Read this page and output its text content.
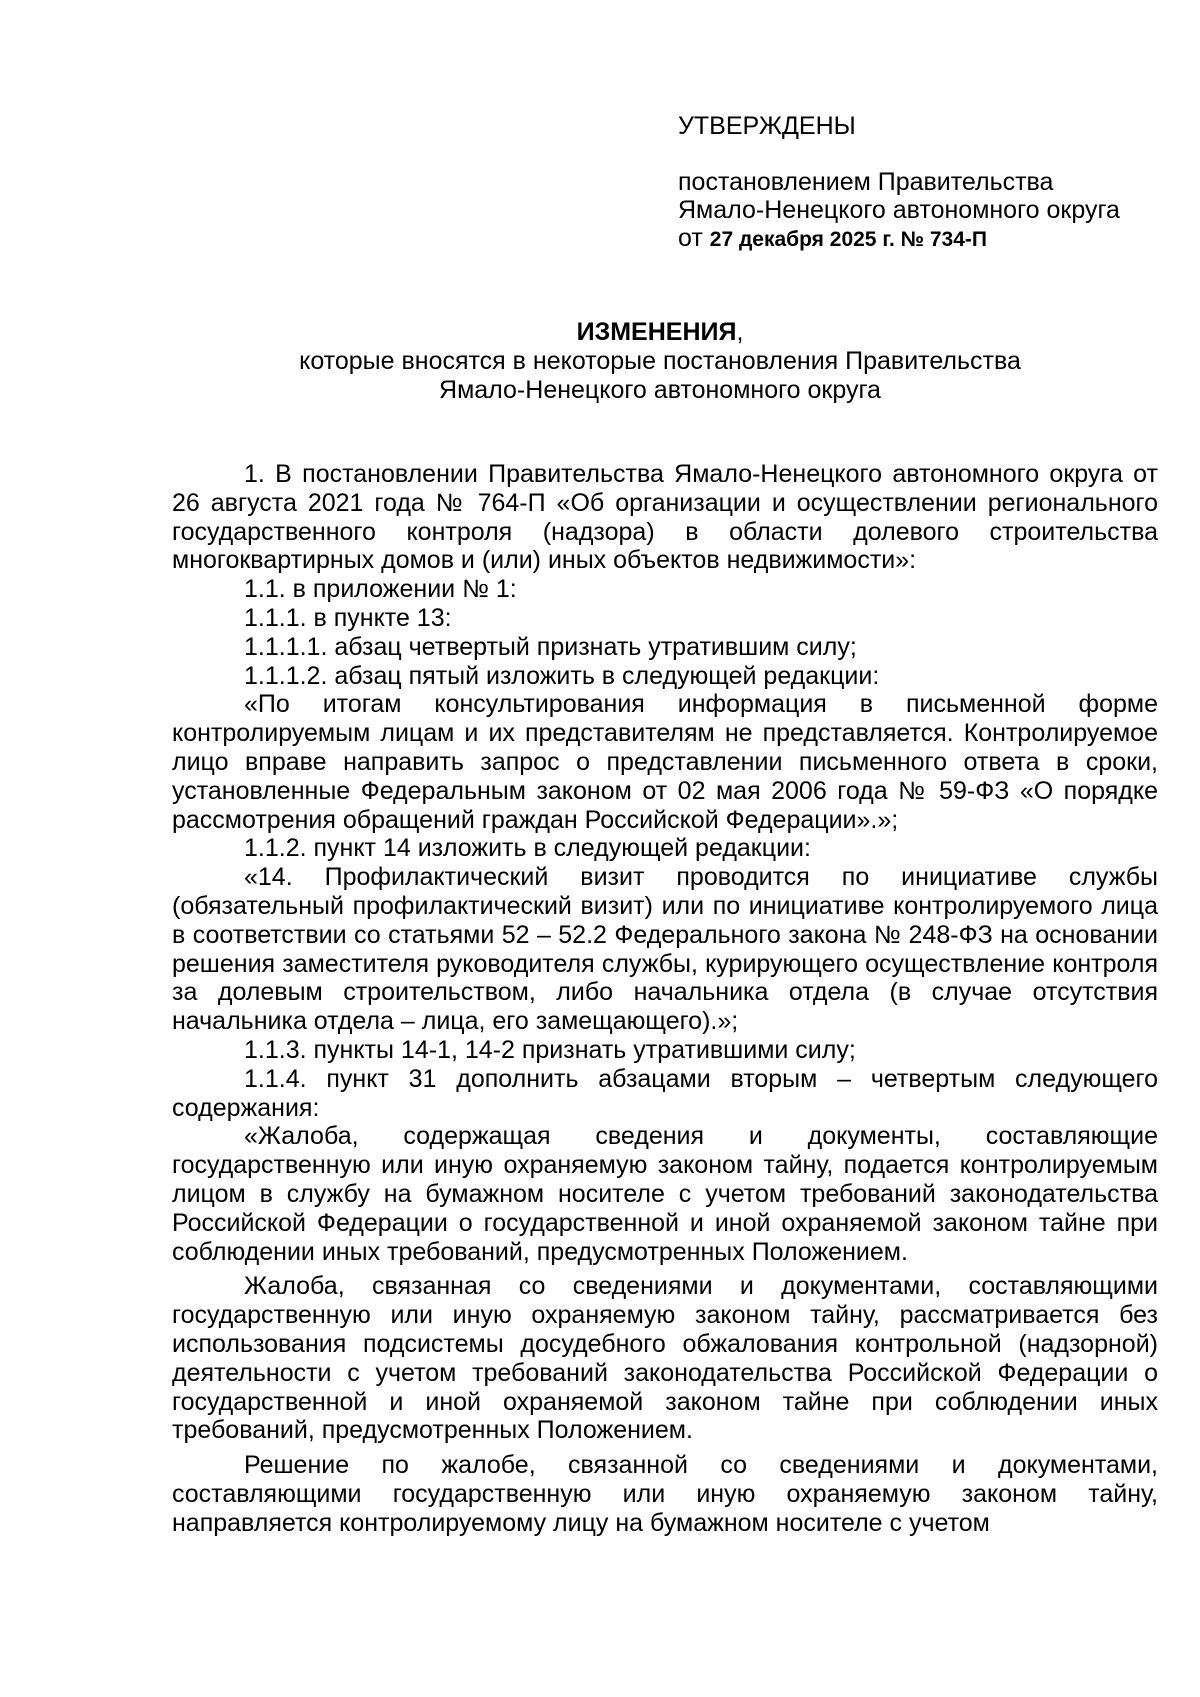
УТВЕРЖДЕНЫ
постановлением Правительства
Ямало-Ненецкого автономного округа
от 27 декабря 2025 г. № 734-П
ИЗМЕНЕНИЯ,
которые вносятся в некоторые постановления Правительства
Ямало-Ненецкого автономного округа

1. В постановлении Правительства Ямало-Ненецкого автономного округа от 26 августа 2021 года № 764-П «Об организации и осуществлении регионального государственного контроля (надзора) в области долевого строительства многоквартирных домов и (или) иных объектов недвижимости»:

1.1. в приложении № 1:

1.1.1. в пункте 13:

1.1.1.1. абзац четвертый признать утратившим силу;

1.1.1.2. абзац пятый изложить в следующей редакции:

«По итогам консультирования информация в письменной форме контролируемым лицам и их представителям не представляется. Контролируемое лицо вправе направить запрос о представлении письменного ответа в сроки, установленные Федеральным законом от 02 мая 2006 года № 59-ФЗ «О порядке рассмотрения обращений граждан Российской Федерации».»;

1.1.2. пункт 14 изложить в следующей редакции:

«14. Профилактический визит проводится по инициативе службы (обязательный профилактический визит) или по инициативе контролируемого лица в соответствии со статьями 52 – 52.2 Федерального закона № 248-ФЗ на основании решения заместителя руководителя службы, курирующего осуществление контроля за долевым строительством, либо начальника отдела (в случае отсутствия начальника отдела – лица, его замещающего).»;

1.1.3. пункты 14-1, 14-2 признать утратившими силу;

1.1.4. пункт 31 дополнить абзацами вторым – четвертым следующего содержания:

«Жалоба, содержащая сведения и документы, составляющие государственную или иную охраняемую законом тайну, подается контролируемым лицом в службу на бумажном носителе с учетом требований законодательства Российской Федерации о государственной и иной охраняемой законом тайне при соблюдении иных требований, предусмотренных Положением.

Жалоба, связанная со сведениями и документами, составляющими государственную или иную охраняемую законом тайну, рассматривается без использования подсистемы досудебного обжалования контрольной (надзорной) деятельности с учетом требований законодательства Российской Федерации о государственной и иной охраняемой законом тайне при соблюдении иных требований, предусмотренных Положением.

Решение по жалобе, связанной со сведениями и документами, составляющими государственную или иную охраняемую законом тайну, направляется контролируемому лицу на бумажном носителе с учетом
